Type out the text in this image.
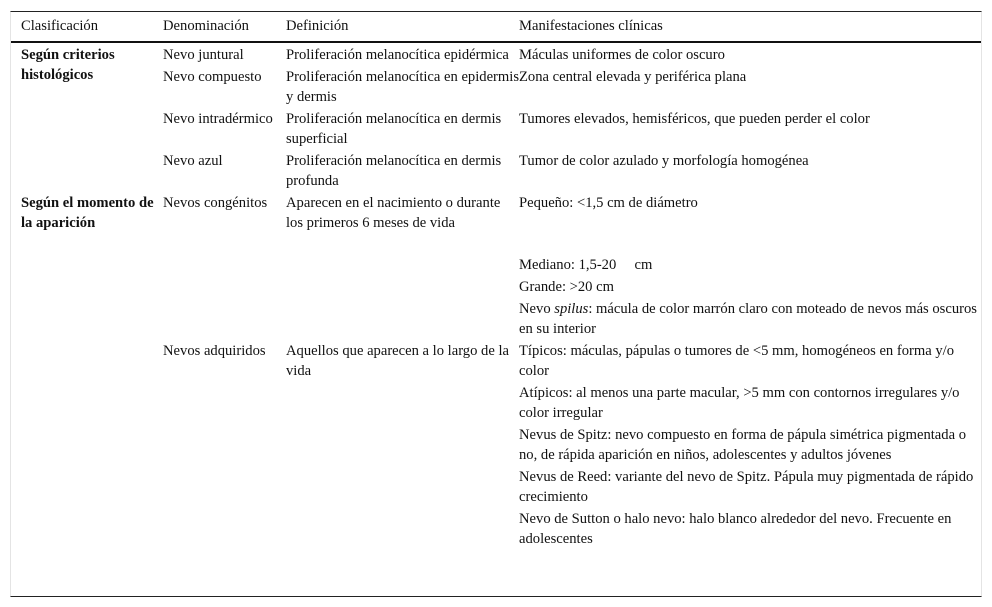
Clasificación	Denominación	Definición	Manifestaciones clínicas
Según criterios histológicos	Nevo juntural	Proliferación melanocítica epidérmica	Máculas uniformes de color oscuro
	Nevo compuesto	Proliferación melanocítica en epidermis y dermis	Zona central elevada y periférica plana
	Nevo intradérmico	Proliferación melanocítica en dermis superficial	Tumores elevados, hemisféricos, que pueden perder el color
	Nevo azul	Proliferación melanocítica en dermis profunda	Tumor de color azulado y morfología homogénea
Según el momento de la aparición	Nevos congénitos	Aparecen en el nacimiento o durante los primeros 6 meses de vida	Pequeño: <1,5 cm de diámetro
			Mediano: 1,5-20     cm
			Grande: >20 cm
			Nevo spilus: mácula de color marrón claro con moteado de nevos más oscuros en su interior
	Nevos adquiridos	Aquellos que aparecen a lo largo de la vida	Típicos: máculas, pápulas o tumores de <5 mm, homogéneos en forma y/o color
			Atípicos: al menos una parte macular, >5 mm con contornos irregulares y/o color irregular
			Nevus de Spitz: nevo compuesto en forma de pápula simétrica pigmentada o no, de rápida aparición en niños, adolescentes y adultos jóvenes
			Nevus de Reed: variante del nevo de Spitz. Pápula muy pigmentada de rápido crecimiento
			Nevo de Sutton o halo nevo: halo blanco alrededor del nevo. Frecuente en adolescentes
